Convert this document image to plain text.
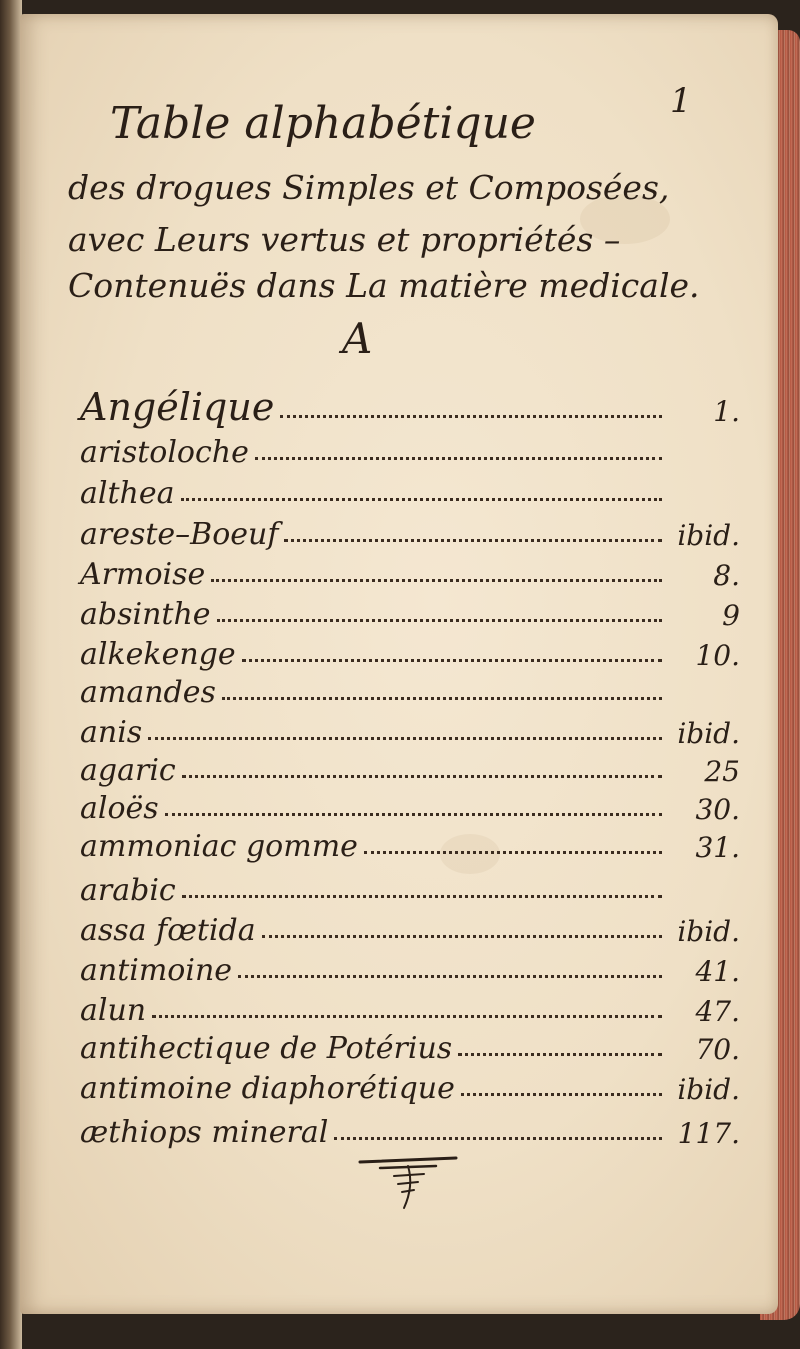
1
Table alphabétique
des drogues Simples et Composées,
avec Leurs vertus et propriétés –
Contenuës dans La matière medicale.
A
Angélique	1.
aristoloche
althea
areste–Boeuf	ibid.
Armoise	8.
absinthe	9
alkekenge	10.
amandes
anis	ibid.
agaric	25
aloës	30.
ammoniac gomme	31.
arabic
assa fœtida	ibid.
antimoine	41.
alun	47.
antihectique de Potérius	70.
antimoine diaphorétique	ibid.
æthiops mineral	117.
